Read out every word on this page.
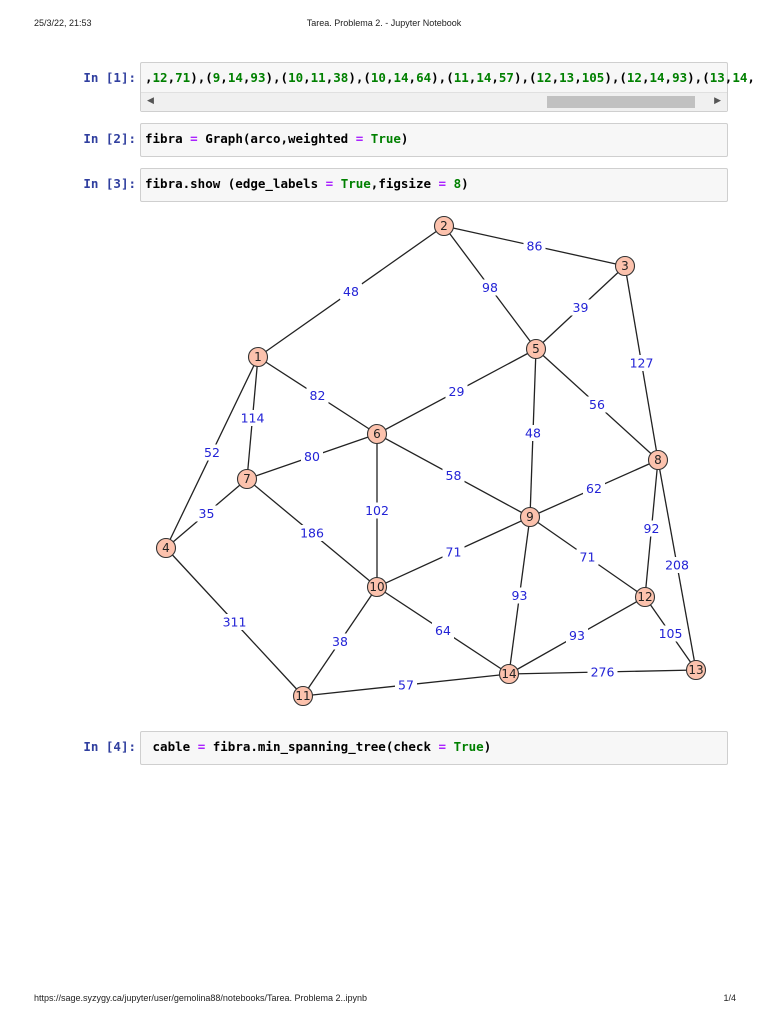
25/3/22, 21:53	Tarea. Problema 2. - Jupyter Notebook
In [1]: ,12,71),(9,14,93),(10,11,38),(10,14,64),(11,14,57),(12,13,105),(12,14,93),(13,14,
◀	▶
In [2]: fibra = Graph(arco,weighted = True)
In [3]: fibra.show (edge_labels = True,figsize = 8)
48
86
98
39
127
82
114
52
29
56
48
80
58
102
35
186
62
92
208
71	71
93
311
38
64	93	105
57
276
1
2
3
4
5
6
7
8
9
10
11
12
13
14
In [4]: cable = fibra.min_spanning_tree(check = True)
https://sage.syzygy.ca/jupyter/user/gemolina88/notebooks/Tarea. Problema 2..ipynb	1/4
